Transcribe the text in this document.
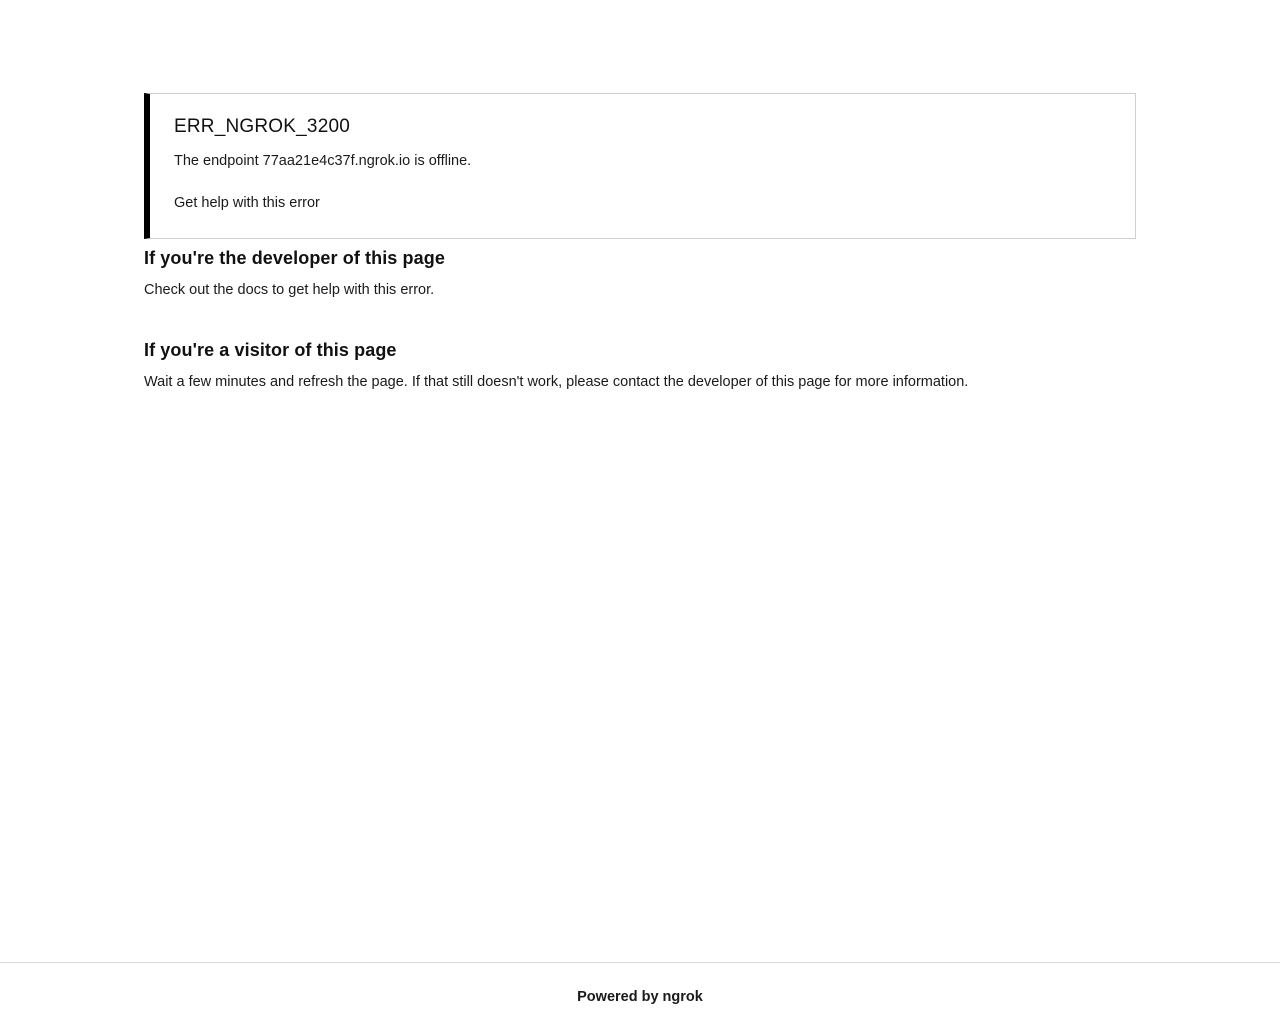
ERR_NGROK_3200
The endpoint 77aa21e4c37f.ngrok.io is offline.
Get help with this error
If you're the developer of this page

Check out the docs to get help with this error.

If you're a visitor of this page

Wait a few minutes and refresh the page. If that still doesn't work, please contact the developer of this page for more information.

Powered by ngrok
